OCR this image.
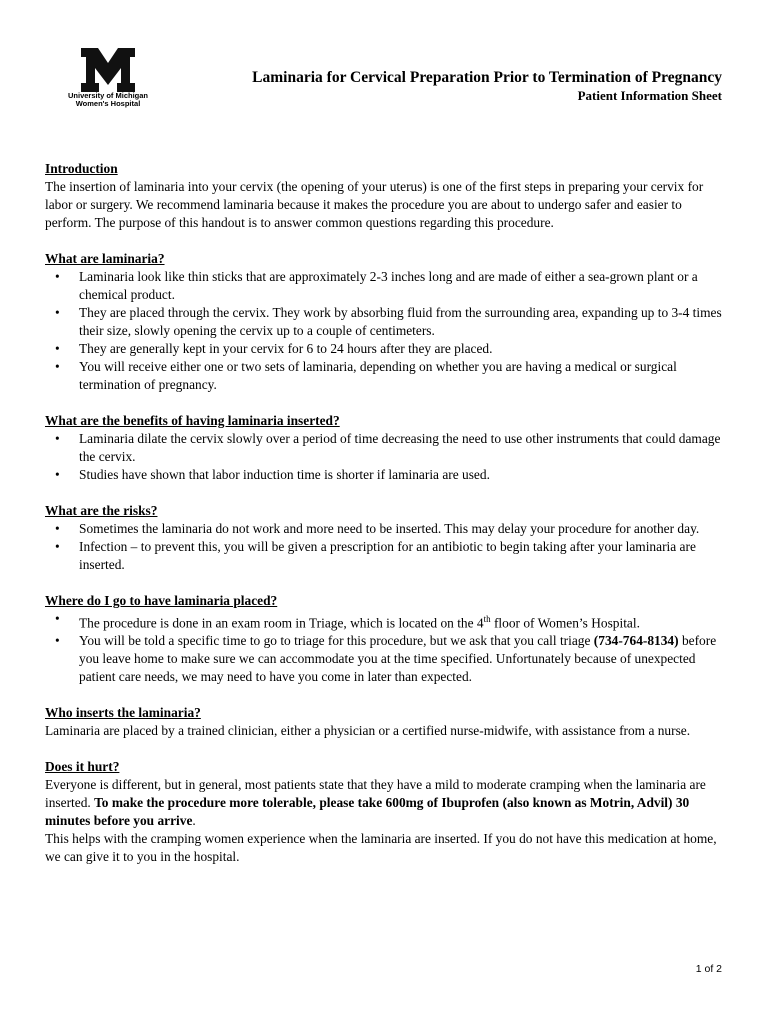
University of Michigan
Women's Hospital
Laminaria for Cervical Preparation Prior to Termination of Pregnancy
Patient Information Sheet
Introduction

The insertion of laminaria into your cervix (the opening of your uterus) is one of the first steps in preparing your cervix for labor or surgery. We recommend laminaria because it makes the procedure you are about to undergo safer and easier to perform. The purpose of this handout is to answer common questions regarding this procedure.

What are laminaria?
• Laminaria look like thin sticks that are approximately 2-3 inches long and are made of either a sea-grown plant or a chemical product.
• They are placed through the cervix. They work by absorbing fluid from the surrounding area, expanding up to 3-4 times their size, slowly opening the cervix up to a couple of centimeters.
• They are generally kept in your cervix for 6 to 24 hours after they are placed.
• You will receive either one or two sets of laminaria, depending on whether you are having a medical or surgical termination of pregnancy.
What are the benefits of having laminaria inserted?
• Laminaria dilate the cervix slowly over a period of time decreasing the need to use other instruments that could damage the cervix.
• Studies have shown that labor induction time is shorter if laminaria are used.
What are the risks?
• Sometimes the laminaria do not work and more need to be inserted. This may delay your procedure for another day.
• Infection – to prevent this, you will be given a prescription for an antibiotic to begin taking after your laminaria are inserted.
Where do I go to have laminaria placed?
• The procedure is done in an exam room in Triage, which is located on the 4th floor of Women’s Hospital.
• You will be told a specific time to go to triage for this procedure, but we ask that you call triage (734-764-8134) before you leave home to make sure we can accommodate you at the time specified. Unfortunately because of unexpected patient care needs, we may need to have you come in later than expected.
Who inserts the laminaria?

Laminaria are placed by a trained clinician, either a physician or a certified nurse-midwife, with assistance from a nurse.

Does it hurt?

Everyone is different, but in general, most patients state that they have a mild to moderate cramping when the laminaria are inserted. To make the procedure more tolerable, please take 600mg of Ibuprofen (also known as Motrin, Advil) 30 minutes before you arrive.

This helps with the cramping women experience when the laminaria are inserted. If you do not have this medication at home, we can give it to you in the hospital.

1 of 2
